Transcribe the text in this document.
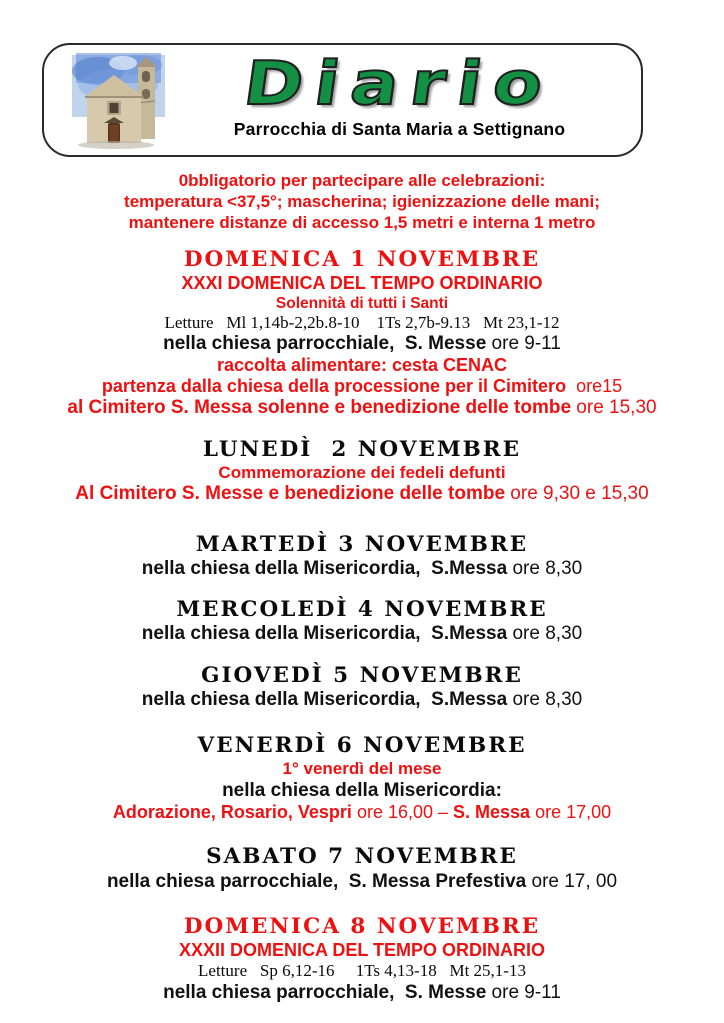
Diario
Parrocchia di Santa Maria a Settignano

0bbligatorio per partecipare alle celebrazioni:

temperatura <37,5°; mascherina; igienizzazione delle mani;

mantenere distanze di accesso 1,5 metri e interna 1 metro

DOMENICA 1 NOVEMBRE

XXXI DOMENICA DEL TEMPO ORDINARIO

Solennità di tutti i Santi

Letture   Ml 1,14b-2,2b.8-10    1Ts 2,7b-9.13   Mt 23,1-12

nella chiesa parrocchiale,  S. Messe ore 9-11

raccolta alimentare: cesta CENAC

partenza dalla chiesa della processione per il Cimitero  ore15

al Cimitero S. Messa solenne e benedizione delle tombe ore 15,30

LUNEDÌ  2 NOVEMBRE

Commemorazione dei fedeli defunti

Al Cimitero S. Messe e benedizione delle tombe ore 9,30 e 15,30

MARTEDÌ 3 NOVEMBRE

nella chiesa della Misericordia,  S.Messa ore 8,30

MERCOLEDÌ 4 NOVEMBRE

nella chiesa della Misericordia,  S.Messa ore 8,30

GIOVEDÌ 5 NOVEMBRE

nella chiesa della Misericordia,  S.Messa ore 8,30

VENERDÌ 6 NOVEMBRE

1° venerdì del mese

nella chiesa della Misericordia:

Adorazione, Rosario, Vespri ore 16,00 – S. Messa ore 17,00

SABATO 7 NOVEMBRE

nella chiesa parrocchiale,  S. Messa Prefestiva ore 17, 00

DOMENICA 8 NOVEMBRE

XXXII DOMENICA DEL TEMPO ORDINARIO

Letture   Sp 6,12-16     1Ts 4,13-18   Mt 25,1-13

nella chiesa parrocchiale,  S. Messe ore 9-11
